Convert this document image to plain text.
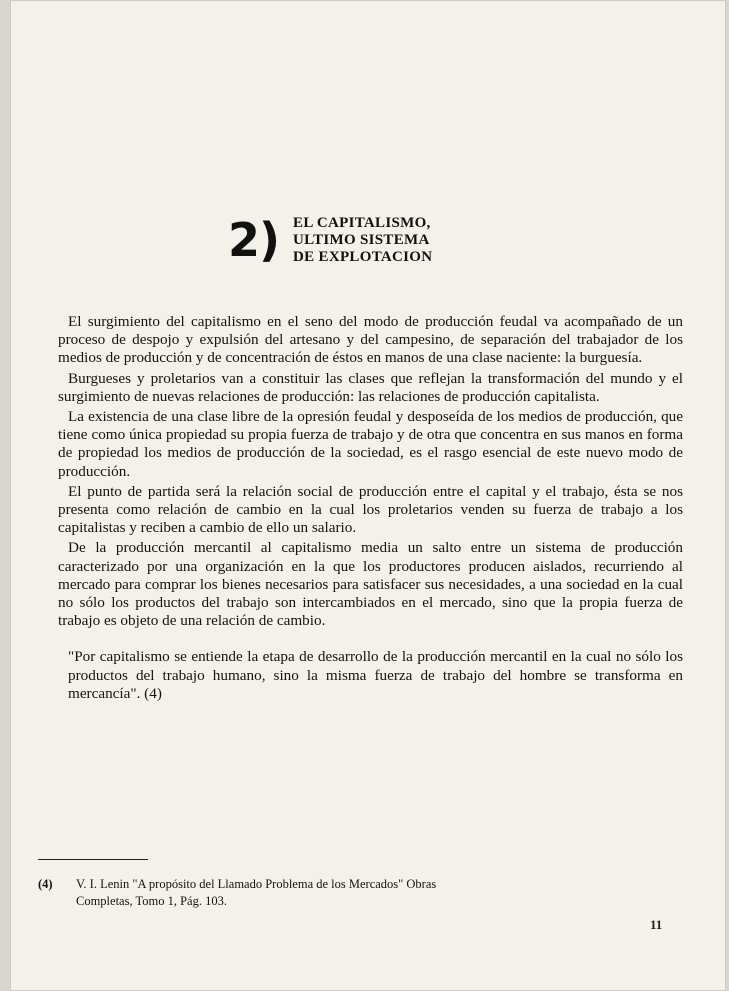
2) EL CAPITALISMO,
ULTIMO SISTEMA
DE EXPLOTACION

El surgimiento del capitalismo en el seno del modo de producción feudal va acompañado de un proceso de despojo y expulsión del artesano y del campesino, de separación del trabajador de los medios de producción y de concentración de éstos en manos de una clase naciente: la burguesía.

Burgueses y proletarios van a constituir las clases que reflejan la transformación del mundo y el surgimiento de nuevas relaciones de producción: las relaciones de producción capitalista.

La existencia de una clase libre de la opresión feudal y desposeída de los medios de producción, que tiene como única propiedad su propia fuerza de trabajo y de otra que concentra en sus manos en forma de propiedad los medios de producción de la sociedad, es el rasgo esencial de este nuevo modo de producción.

El punto de partida será la relación social de producción entre el capital y el trabajo, ésta se nos presenta como relación de cambio en la cual los proletarios venden su fuerza de trabajo a los capitalistas y reciben a cambio de ello un salario.

De la producción mercantil al capitalismo media un salto entre un sistema de producción caracterizado por una organización en la que los productores producen aislados, recurriendo al mercado para comprar los bienes necesarios para satisfacer sus necesidades, a una sociedad en la cual no sólo los productos del trabajo son intercambiados en el mercado, sino que la propia fuerza de trabajo es objeto de una relación de cambio.

"Por capitalismo se entiende la etapa de desarrollo de la producción mercantil en la cual no sólo los productos del trabajo humano, sino la misma fuerza de trabajo del hombre se transforma en mercancía". (4)

(4) V. I. Lenin "A propósito del Llamado Problema de los Mercados" Obras
Completas, Tomo 1, Pág. 103.
11
